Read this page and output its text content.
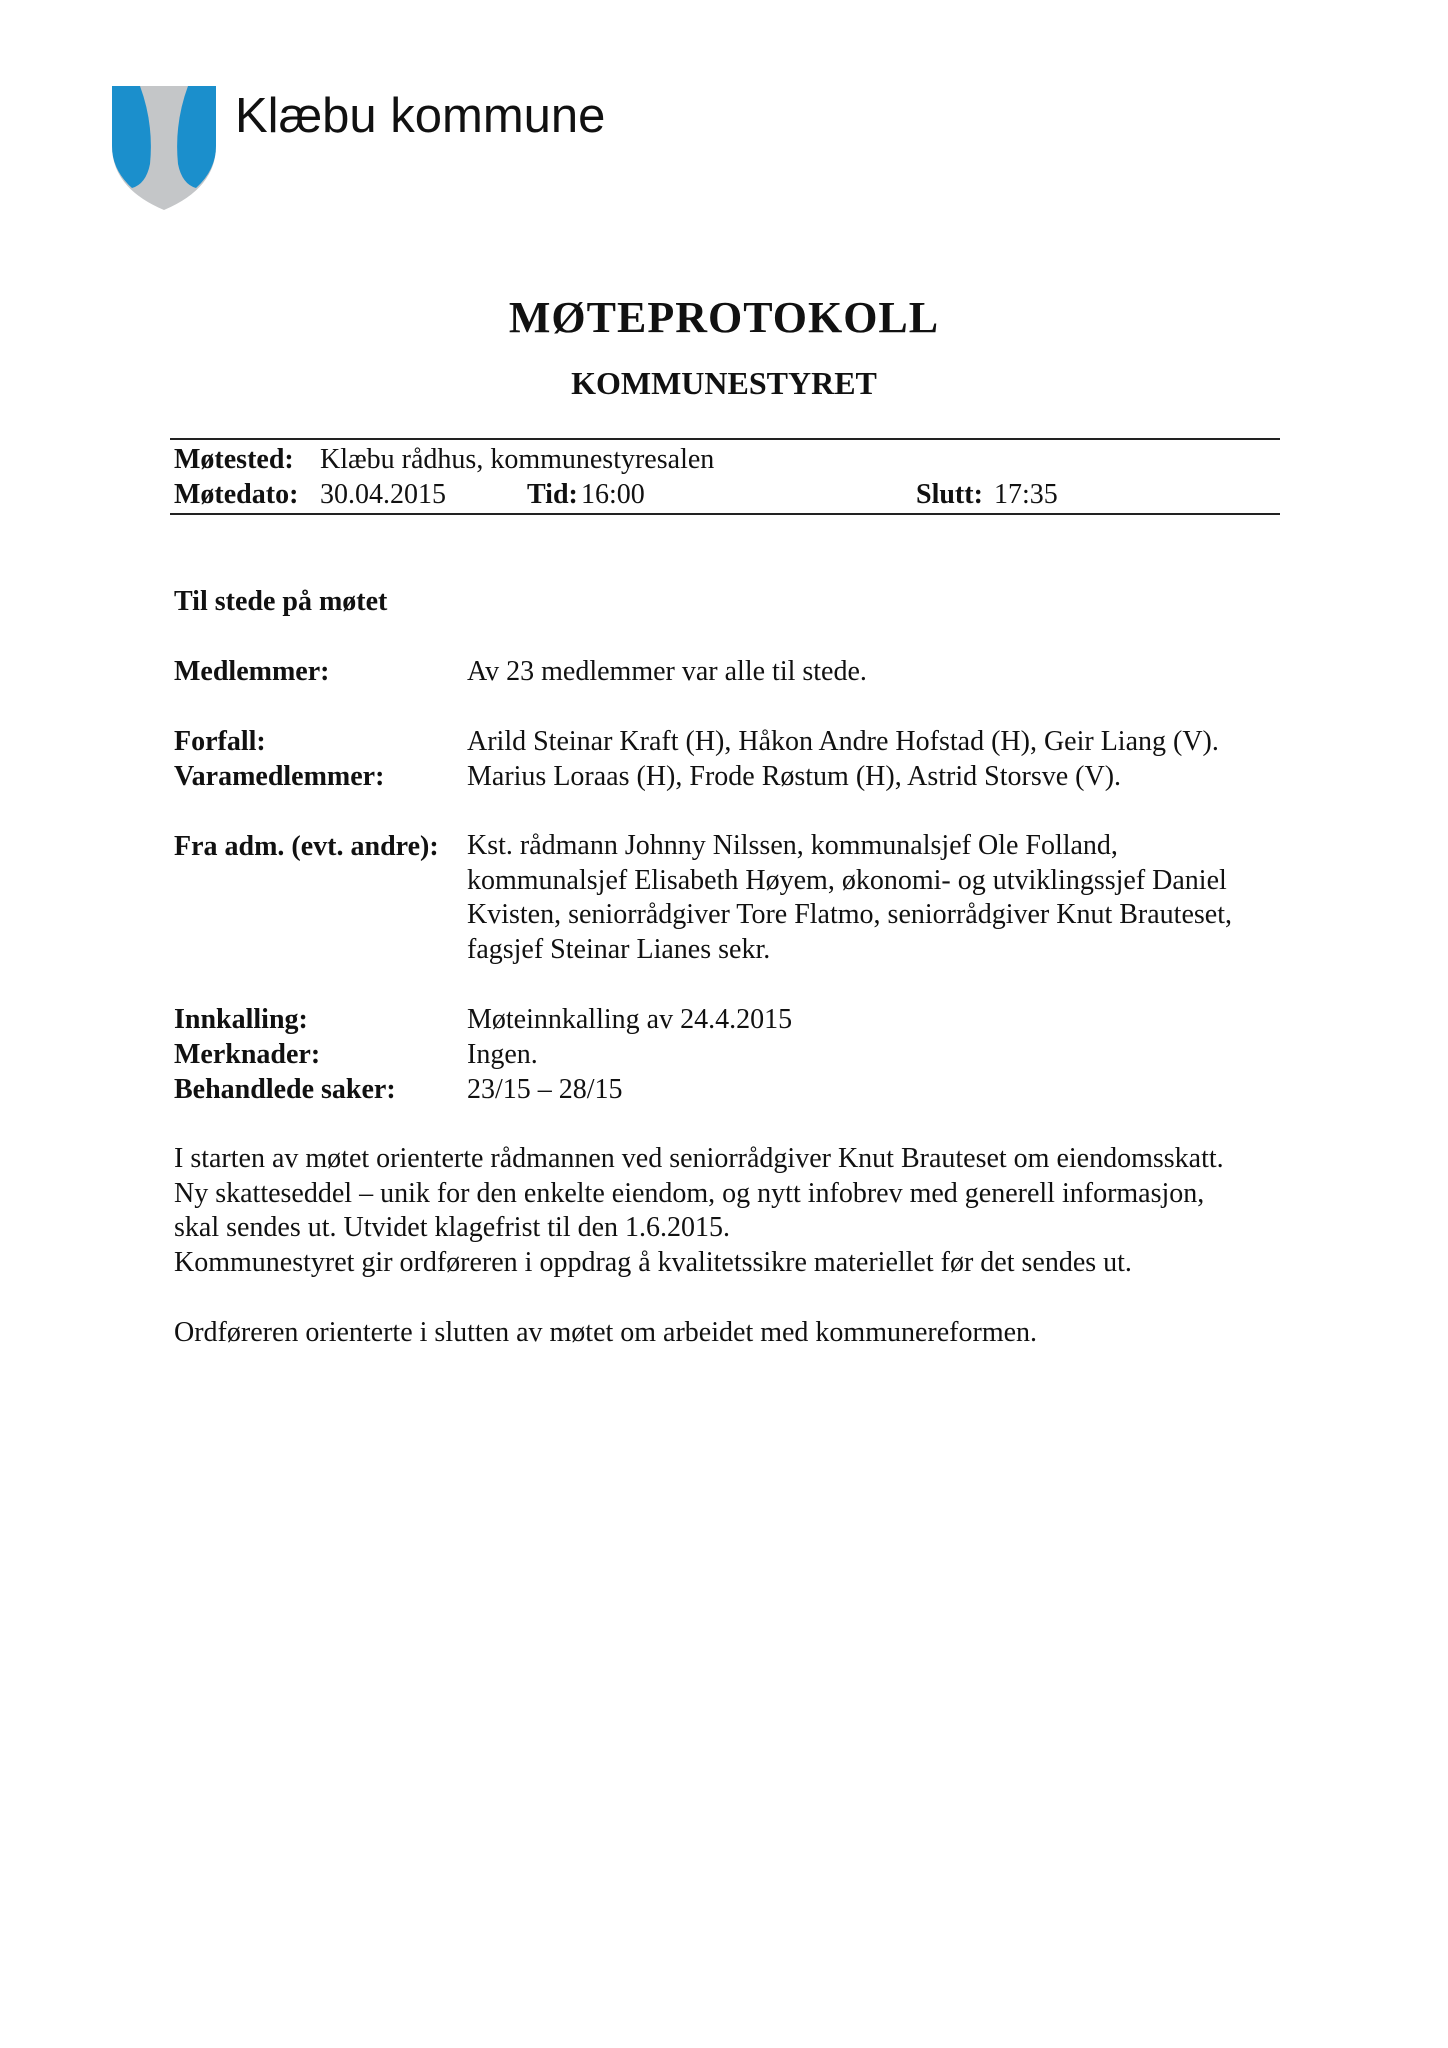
Klæbu kommune
MØTEPROTOKOLL
KOMMUNESTYRET
Møtested: Klæbu rådhus, kommunestyresalen
Møtedato: 30.04.2015	Tid: 16:00	Slutt: 17:35
Til stede på møtet
Medlemmer:	Av 23 medlemmer var alle til stede.
Forfall:	Arild Steinar Kraft (H), Håkon Andre Hofstad (H), Geir Liang (V).
Varamedlemmer:	Marius Loraas (H), Frode Røstum (H), Astrid Storsve (V).
Fra adm. (evt. andre): Kst. rådmann Johnny Nilssen, kommunalsjef Ole Folland,
kommunalsjef Elisabeth Høyem, økonomi- og utviklingssjef Daniel
Kvisten, seniorrådgiver Tore Flatmo, seniorrådgiver Knut Brauteset,
fagsjef Steinar Lianes sekr.
Innkalling:	Møteinnkalling av 24.4.2015
Merknader:	Ingen.
Behandlede saker:	23/15 – 28/15
I starten av møtet orienterte rådmannen ved seniorrådgiver Knut Brauteset om eiendomsskatt.
Ny skatteseddel – unik for den enkelte eiendom, og nytt infobrev med generell informasjon,
skal sendes ut. Utvidet klagefrist til den 1.6.2015.
Kommunestyret gir ordføreren i oppdrag å kvalitetssikre materiellet før det sendes ut.
Ordføreren orienterte i slutten av møtet om arbeidet med kommunereformen.
